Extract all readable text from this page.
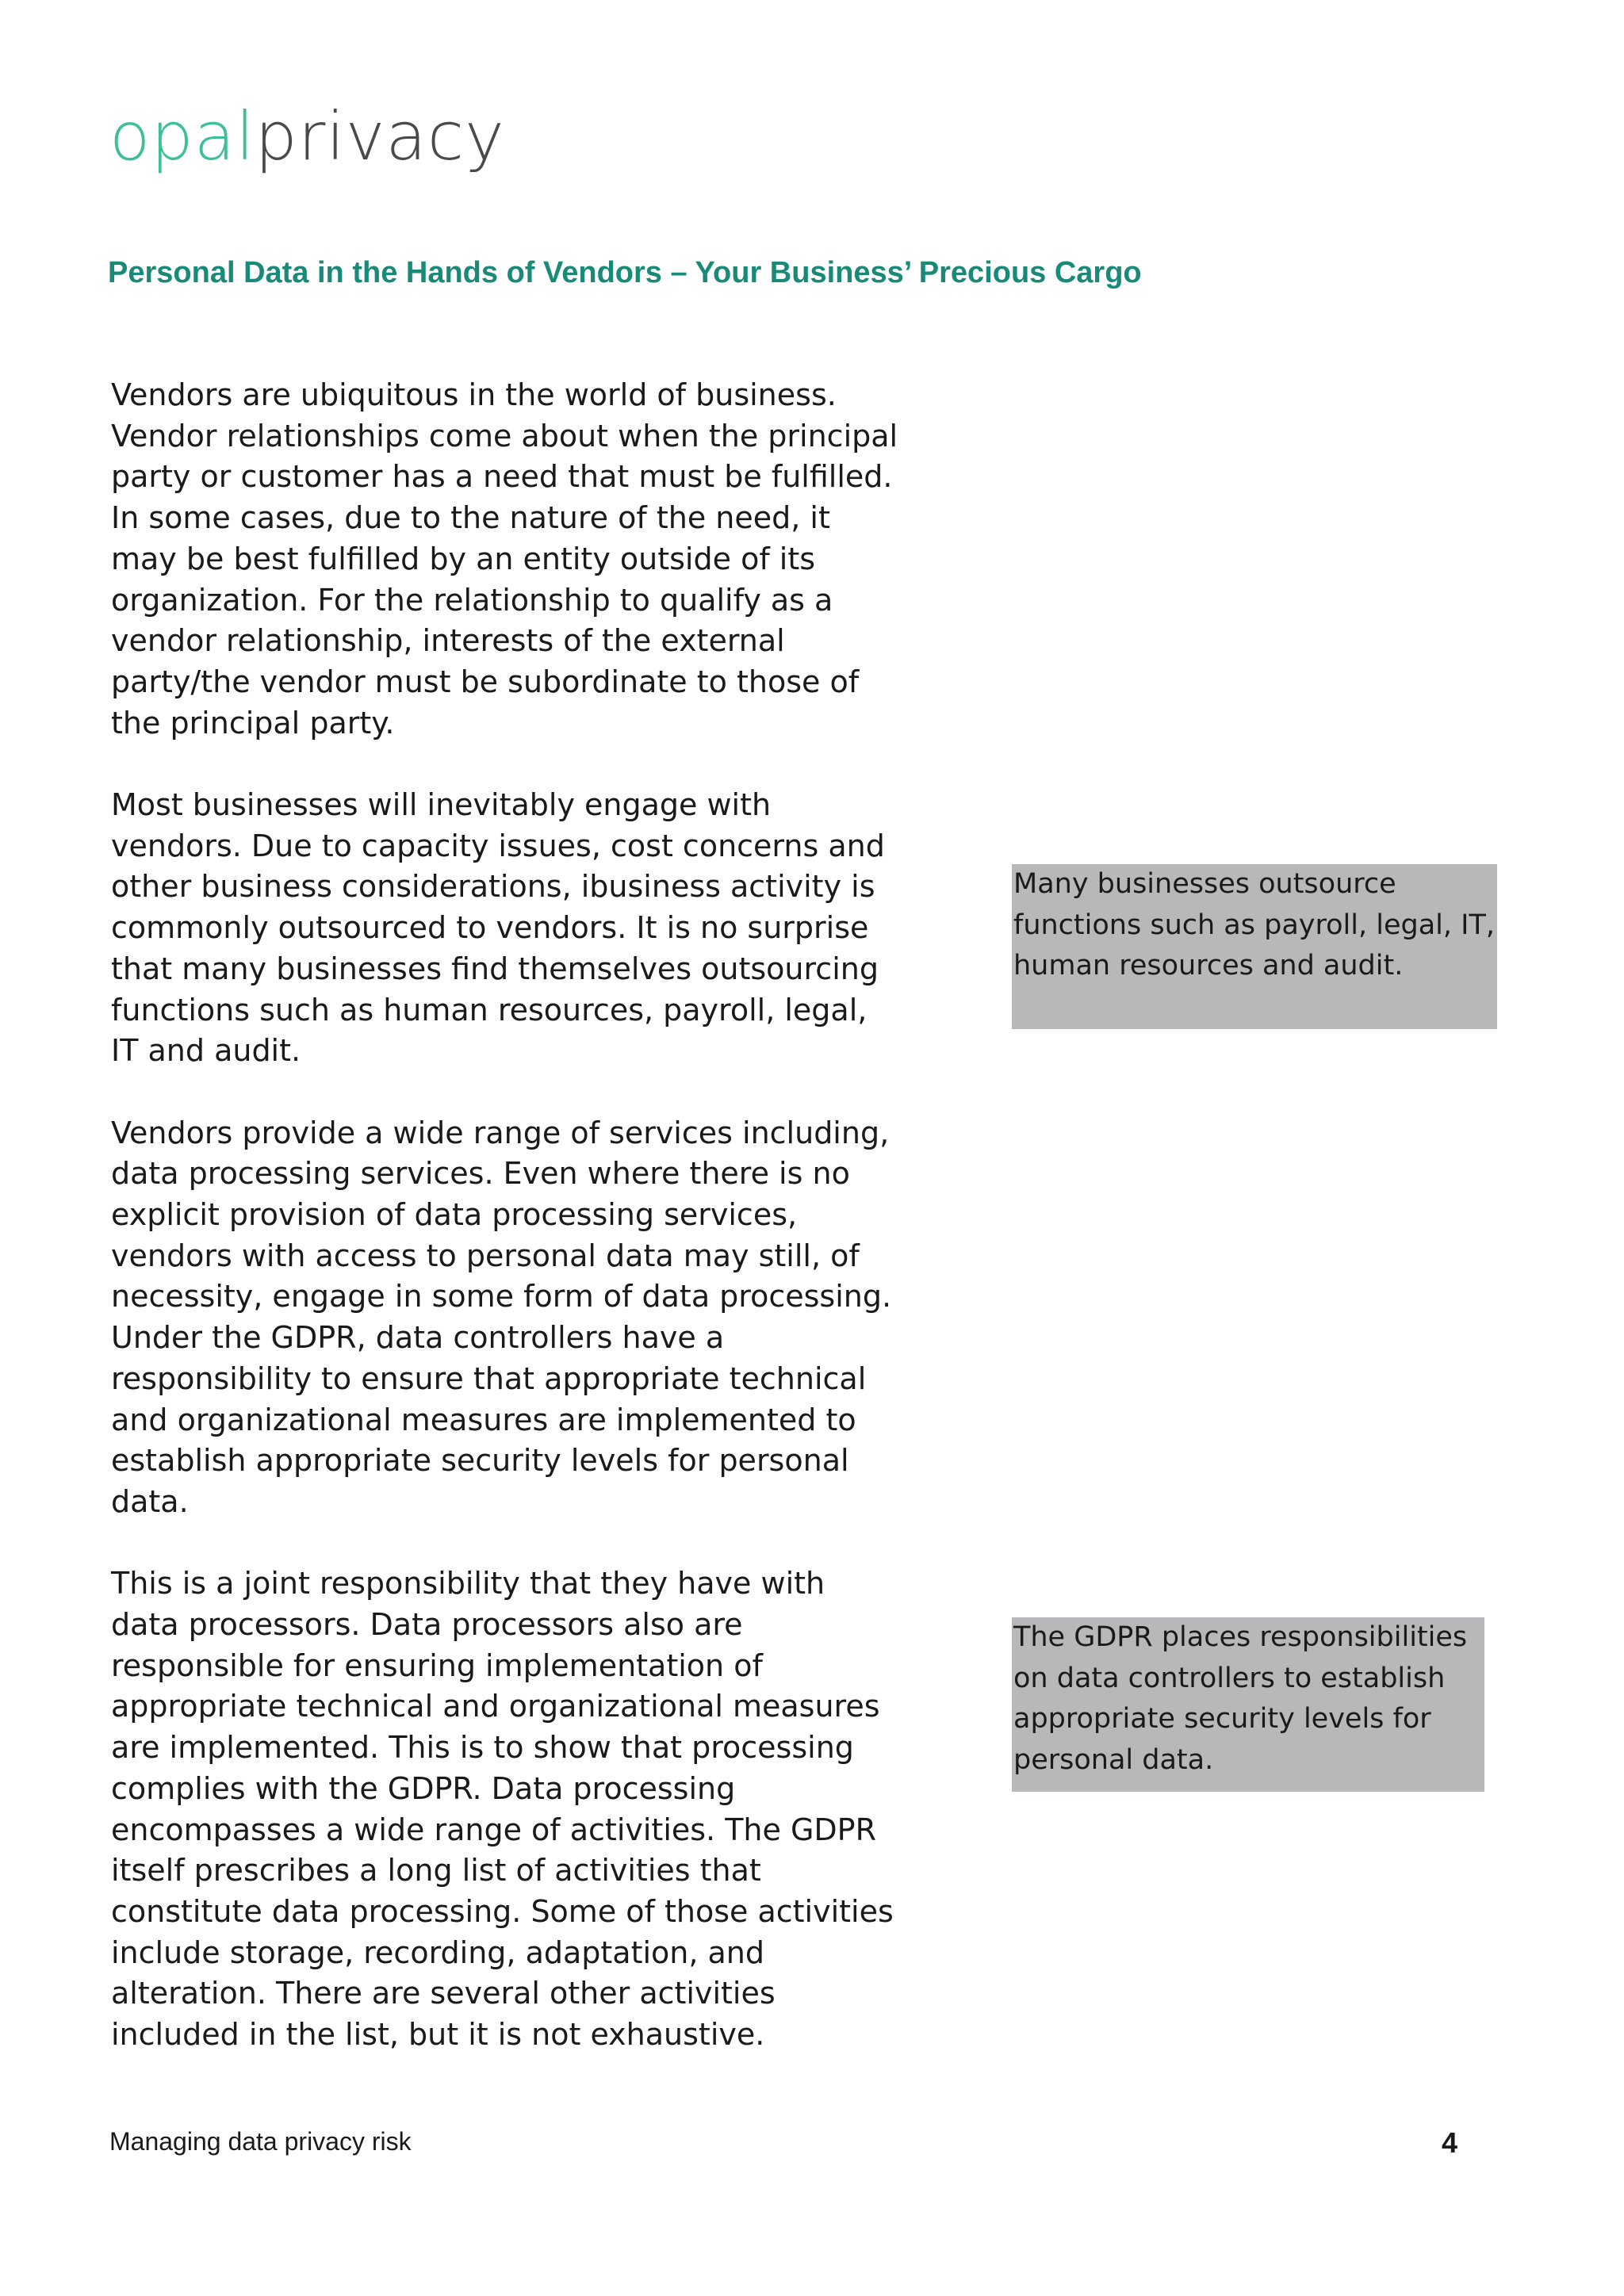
opalprivacy
Personal Data in the Hands of Vendors – Your Business’ Precious Cargo

Vendors are ubiquitous in the world of business.
Vendor relationships come about when the principal
party or customer has a need that must be fulfilled.
In some cases, due to the nature of the need, it
may be best fulfilled by an entity outside of its
organization. For the relationship to qualify as a
vendor relationship, interests of the external
party/the vendor must be subordinate to those of
the principal party.

Most businesses will inevitably engage with
vendors. Due to capacity issues, cost concerns and
other business considerations, ibusiness activity is
commonly outsourced to vendors. It is no surprise
that many businesses find themselves outsourcing
functions such as human resources, payroll, legal,
IT and audit.

Vendors provide a wide range of services including,
data processing services. Even where there is no
explicit provision of data processing services,
vendors with access to personal data may still, of
necessity, engage in some form of data processing.
Under the GDPR, data controllers have a
responsibility to ensure that appropriate technical
and organizational measures are implemented to
establish appropriate security levels for personal
data.

This is a joint responsibility that they have with
data processors. Data processors also are
responsible for ensuring implementation of
appropriate technical and organizational measures
are implemented. This is to show that processing
complies with the GDPR. Data processing
encompasses a wide range of activities. The GDPR
itself prescribes a long list of activities that
constitute data processing. Some of those activities
include storage, recording, adaptation, and
alteration. There are several other activities
included in the list, but it is not exhaustive.

Many businesses outsource
functions such as payroll, legal, IT,
human resources and audit.
The GDPR places responsibilities
on data controllers to establish
appropriate security levels for
personal data.
Managing data privacy risk	4
